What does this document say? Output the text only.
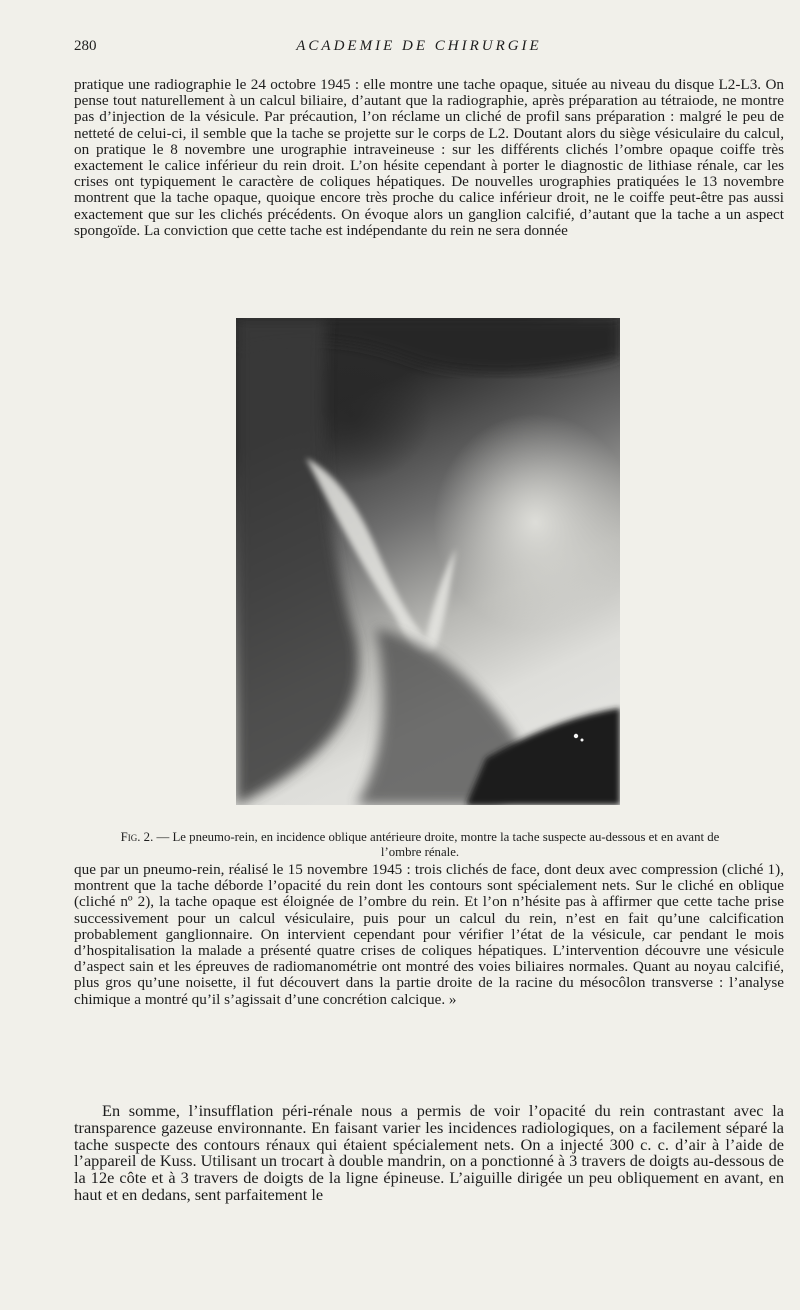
280	ACADEMIE DE CHIRURGIE

pratique une radiographie le 24 octobre 1945 : elle montre une tache opaque, située au niveau du disque L2-L3. On pense tout naturellement à un calcul biliaire, d’autant que la radiographie, après préparation au tétraiode, ne montre pas d’injection de la vésicule. Par précaution, l’on réclame un cliché de profil sans préparation : malgré le peu de netteté de celui-ci, il semble que la tache se projette sur le corps de L2. Doutant alors du siège vésiculaire du calcul, on pratique le 8 novembre une urographie intraveineuse : sur les différents clichés l’ombre opaque coiffe très exactement le calice inférieur du rein droit. L’on hésite cependant à porter le diagnostic de lithiase rénale, car les crises ont typiquement le caractère de coliques hépatiques. De nouvelles urographies pratiquées le 13 novembre montrent que la tache opaque, quoique encore très proche du calice inférieur droit, ne le coiffe peut-être pas aussi exactement que sur les clichés précédents. On évoque alors un ganglion calcifié, d’autant que la tache a un aspect spongoïde. La conviction que cette tache est indépendante du rein ne sera donnée

Fig. 2. — Le pneumo-rein, en incidence oblique antérieure droite, montre la tache suspecte au-dessous et en avant de l’ombre rénale.

que par un pneumo-rein, réalisé le 15 novembre 1945 : trois clichés de face, dont deux avec compression (cliché 1), montrent que la tache déborde l’opacité du rein dont les contours sont spécialement nets. Sur le cliché en oblique (cliché nº 2), la tache opaque est éloignée de l’ombre du rein. Et l’on n’hésite pas à affirmer que cette tache prise successivement pour un calcul vésiculaire, puis pour un calcul du rein, n’est en fait qu’une calcification probablement ganglionnaire. On intervient cependant pour vérifier l’état de la vésicule, car pendant le mois d’hospitalisation la malade a présenté quatre crises de coliques hépatiques. L’intervention découvre une vésicule d’aspect sain et les épreuves de radiomanométrie ont montré des voies biliaires normales. Quant au noyau calcifié, plus gros qu’une noisette, il fut découvert dans la partie droite de la racine du mésocôlon transverse : l’analyse chimique a montré qu’il s’agissait d’une concrétion calcique. »

En somme, l’insufflation péri-rénale nous a permis de voir l’opacité du rein contrastant avec la transparence gazeuse environnante. En faisant varier les incidences radiologiques, on a facilement séparé la tache suspecte des contours rénaux qui étaient spécialement nets. On a injecté 300 c. c. d’air à l’aide de l’appareil de Kuss. Utilisant un trocart à double mandrin, on a ponctionné à 3 travers de doigts au-dessous de la 12e côte et à 3 travers de doigts de la ligne épineuse. L’aiguille dirigée un peu obliquement en avant, en haut et en dedans, sent parfaitement le
